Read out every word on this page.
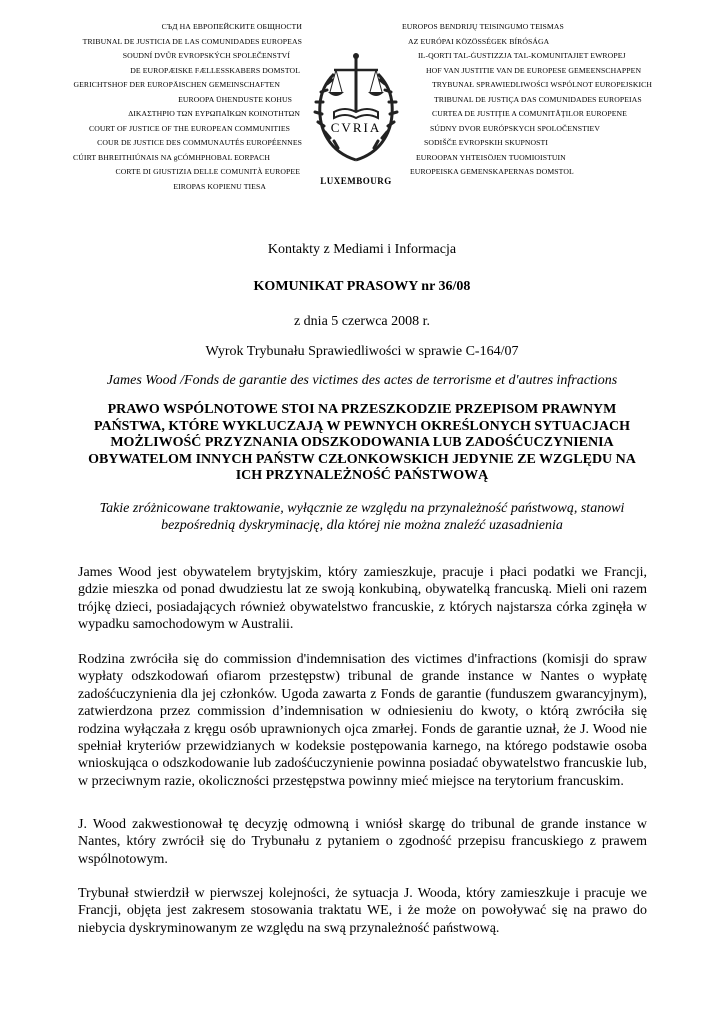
СЪД НА ЕВРОПЕЙСКИТЕ ОБЩНОСТИ
TRIBUNAL DE JUSTICIA DE LAS COMUNIDADES EUROPEAS
SOUDNÍ DVŮR EVROPSKÝCH SPOLEČENSTVÍ
DE EUROPÆISKE FÆLLESSKABERS DOMSTOL
GERICHTSHOF DER EUROPÄISCHEN GEMEINSCHAFTEN
EUROOPA ÜHENDUSTE KOHUS
ΔΙΚΑΣΤΗΡΙΟ ΤΩΝ ΕΥΡΩΠΑΪΚΩΝ ΚΟΙΝΟΤΗΤΩΝ
COURT OF JUSTICE OF THE EUROPEAN COMMUNITIES
COUR DE JUSTICE DES COMMUNAUTÉS EUROPÉENNES
CÚIRT BHREITHIÚNAIS NA gCÓMHPHOBAL EORPACH
CORTE DI GIUSTIZIA DELLE COMUNITÀ EUROPEE
EIROPAS KOPIENU TIESA
CVRIA
LUXEMBOURG
EUROPOS BENDRIJŲ TEISINGUMO TEISMAS
AZ EURÓPAI KÖZÖSSÉGEK BÍRÓSÁGA
IL-QORTI TAL-ĠUSTIZZJA TAL-KOMUNITAJIET EWROPEJ
HOF VAN JUSTITIE VAN DE EUROPESE GEMEENSCHAPPEN
TRYBUNAŁ SPRAWIEDLIWOŚCI WSPÓLNOT EUROPEJSKICH
TRIBUNAL DE JUSTIÇA DAS COMUNIDADES EUROPEIAS
CURTEA DE JUSTIŢIE A COMUNITĂŢILOR EUROPENE
SÚDNY DVOR EURÓPSKYCH SPOLOČENSTIEV
SODIŠČE EVROPSKIH SKUPNOSTI
EUROOPAN YHTEISÖJEN TUOMIOISTUIN
EUROPEISKA GEMENSKAPERNAS DOMSTOL
Kontakty z Mediami i Informacja
KOMUNIKAT PRASOWY nr 36/08
z dnia 5 czerwca 2008 r.
Wyrok Trybunału Sprawiedliwości w sprawie C-164/07
James Wood /Fonds de garantie des victimes des actes de terrorisme et d'autres infractions
PRAWO WSPÓLNOTOWE STOI NA PRZESZKODZIE PRZEPISOM PRAWNYM PAŃSTWA, KTÓRE WYKLUCZAJĄ W PEWNYCH OKREŚLONYCH SYTUACJACH MOŻLIWOŚĆ PRZYZNANIA ODSZKODOWANIA LUB ZADOŚĆUCZYNIENIA OBYWATELOM INNYCH PAŃSTW CZŁONKOWSKICH JEDYNIE ZE WZGLĘDU NA ICH PRZYNALEŻNOŚĆ PAŃSTWOWĄ
Takie zróżnicowane traktowanie, wyłącznie ze względu na przynależność państwową, stanowi bezpośrednią dyskryminację, dla której nie można znaleźć uzasadnienia
James Wood jest obywatelem brytyjskim, który zamieszkuje, pracuje i płaci podatki we Francji, gdzie mieszka od ponad dwudziestu lat ze swoją konkubiną, obywatelką francuską. Mieli oni razem trójkę dzieci, posiadających również obywatelstwo francuskie, z których najstarsza córka zginęła w wypadku samochodowym w Australii.
Rodzina zwróciła się do commission d'indemnisation des victimes d'infractions (komisji do spraw wypłaty odszkodowań ofiarom przestępstw) tribunal de grande instance w Nantes o wypłatę zadośćuczynienia dla jej członków. Ugoda zawarta z Fonds de garantie (funduszem gwarancyjnym), zatwierdzona przez commission d’indemnisation w odniesieniu do kwoty, o którą zwróciła się rodzina wyłączała z kręgu osób uprawnionych ojca zmarłej. Fonds de garantie uznał, że J. Wood nie spełniał kryteriów przewidzianych w kodeksie postępowania karnego, na którego podstawie osoba wnioskująca o odszkodowanie lub zadośćuczynienie powinna posiadać obywatelstwo francuskie lub, w przeciwnym razie, okoliczności przestępstwa powinny mieć miejsce na terytorium francuskim.
J. Wood zakwestionował tę decyzję odmowną i wniósł skargę do tribunal de grande instance w Nantes, który zwrócił się do Trybunału z pytaniem o zgodność przepisu francuskiego z prawem wspólnotowym.
Trybunał stwierdził w pierwszej kolejności, że sytuacja J. Wooda, który zamieszkuje i pracuje we Francji, objęta jest zakresem stosowania traktatu WE, i że może on powoływać się na prawo do niebycia dyskryminowanym ze względu na swą przynależność państwową.
